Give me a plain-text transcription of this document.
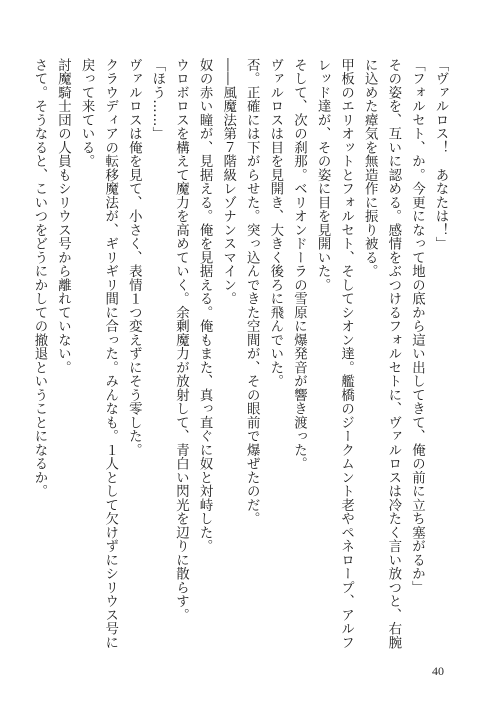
「ヴァルロス！　あなたは！」
「フォルセト、か。今更になって地の底から這い出してきて、俺の前に立ち塞がるか」
その姿を、互いに認める。感情をぶつけるフォルセトに、ヴァルロスは冷たく言い放つと、右腕
に込めた瘴気を無造作に振り被る。
甲板のエリオットとフォルセト、そしてシオン達。艦橋のジークムント老やペネロープ、アルフ
レッド達が、その姿に目を見開いた。
そして、次の刹那。ベリオンドーラの雪原に爆発音が響き渡った。
ヴァルロスは目を見開き、大きく後ろに飛んでいた。
否。正確には下がらせた。突っ込んできた空間が、その眼前で爆ぜたのだ。
――風魔法第７階級レゾナンスマイン。
奴の赤い瞳が、見据える。俺を見据える。俺もまた、真っ直ぐに奴と対峙した。
ウロボロスを構えて魔力を高めていく。余剰魔力が放射して、青白い閃光を辺りに散らす。
「ほう……」
ヴァルロスは俺を見て、小さく、表情１つ変えずにそう零した。
クラウディアの転移魔法が、ギリギリ間に合った。みんなも。１人として欠けずにシリウス号に
戻って来ている。
討魔騎士団の人員もシリウス号から離れていない。
さて。そうなると、こいつをどうにかしての撤退ということになるか。
40
